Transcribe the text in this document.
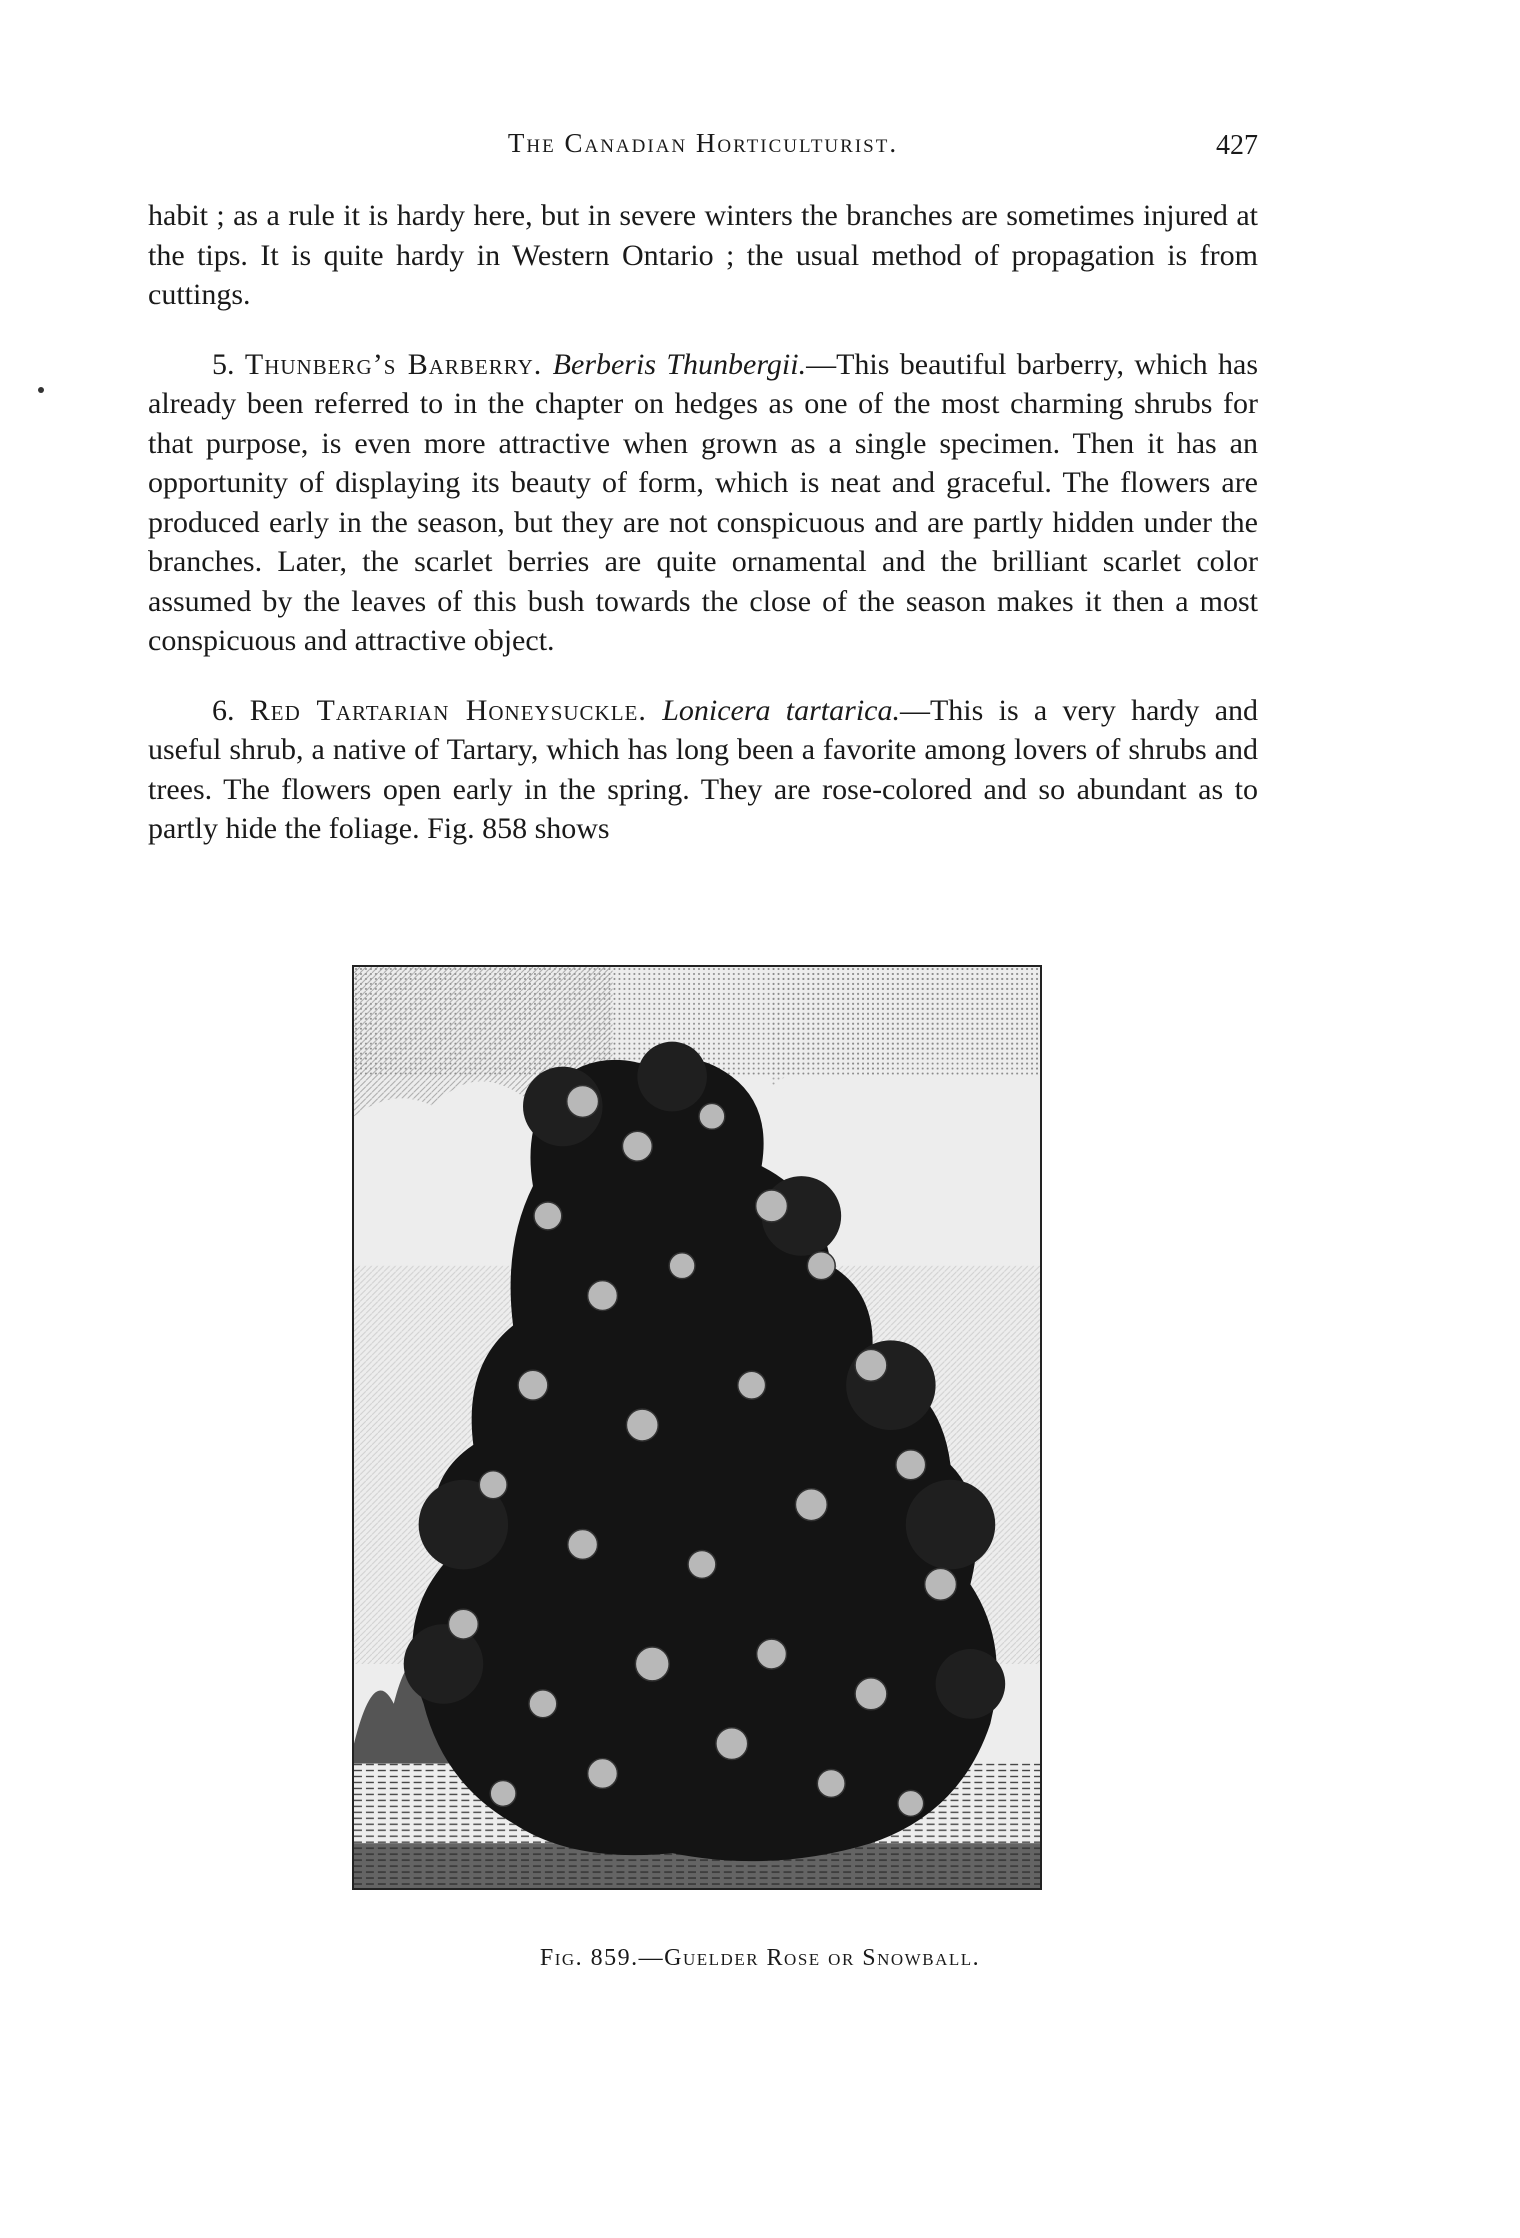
The Canadian Horticulturist.	427

habit ; as a rule it is hardy here, but in severe winters the branches are sometimes injured at the tips. It is quite hardy in Western Ontario ; the usual method of propagation is from cuttings.

5. Thunberg’s Barberry. Berberis Thunbergii.—This beautiful barberry, which has already been referred to in the chapter on hedges as one of the most charming shrubs for that purpose, is even more attractive when grown as a single specimen. Then it has an opportunity of displaying its beauty of form, which is neat and graceful. The flowers are produced early in the season, but they are not conspicuous and are partly hidden under the branches. Later, the scarlet berries are quite ornamental and the brilliant scarlet color assumed by the leaves of this bush towards the close of the season makes it then a most conspicuous and attractive object.

6. Red Tartarian Honeysuckle. Lonicera tartarica.—This is a very hardy and useful shrub, a native of Tartary, which has long been a favorite among lovers of shrubs and trees. The flowers open early in the spring. They are rose-colored and so abundant as to partly hide the foliage. Fig. 858 shows

Fig. 859.—Guelder Rose or Snowball.
